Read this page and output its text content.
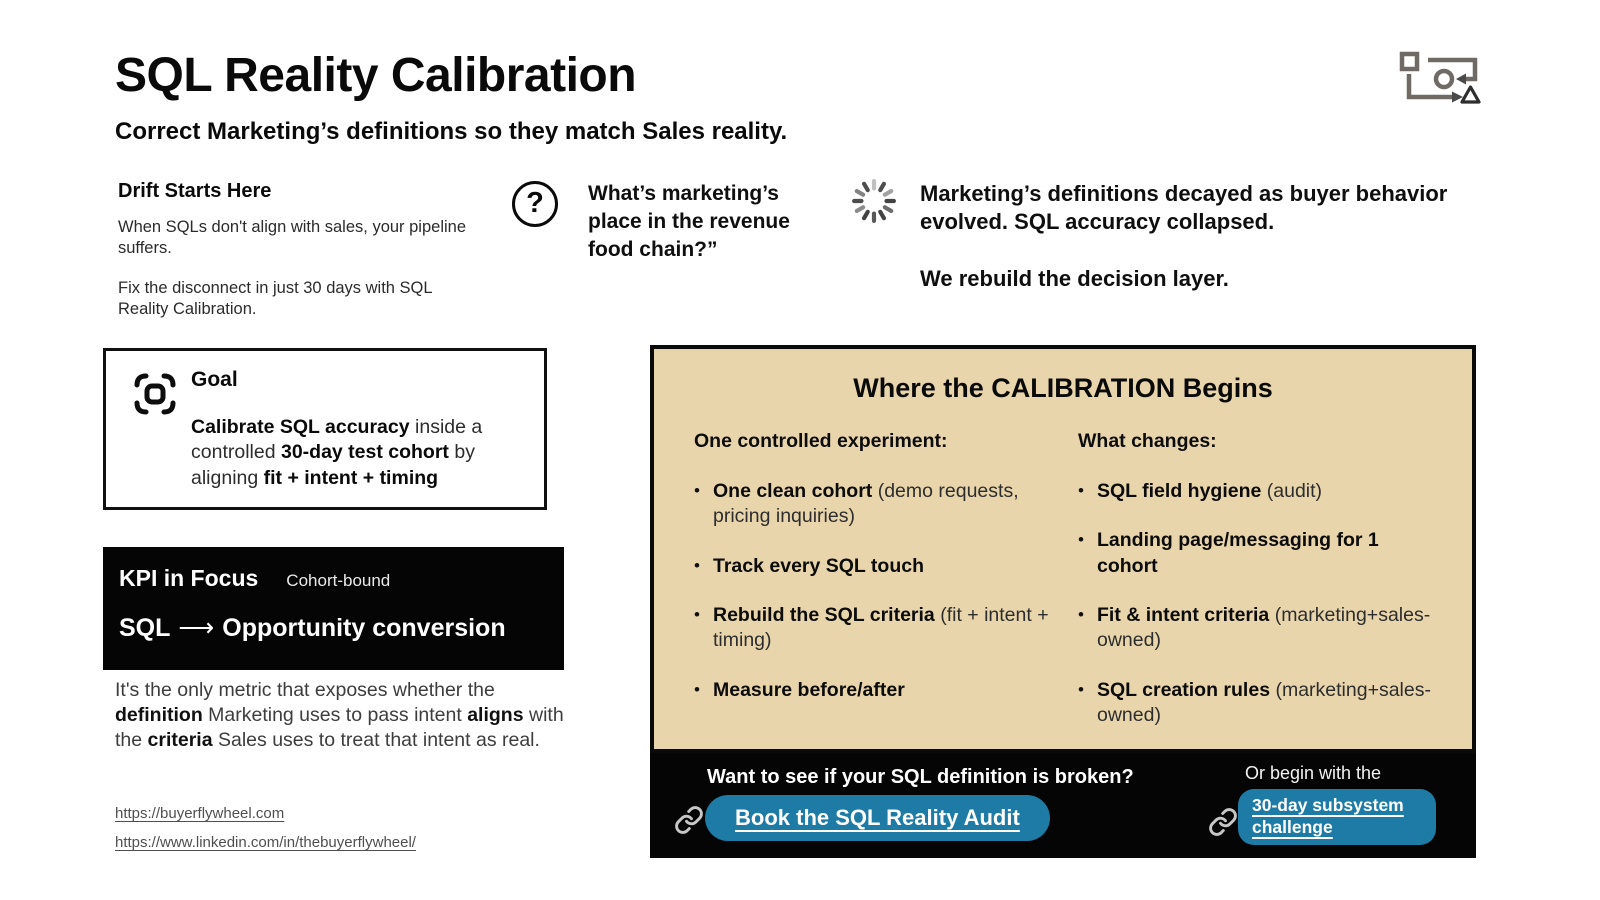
SQL Reality Calibration
Correct Marketing’s definitions so they match Sales reality.
Drift Starts Here

When SQLs don't align with sales, your pipeline suffers.

Fix the disconnect in just 30 days with SQL Reality Calibration.

? What’s marketing’s place in the revenue food chain?”

Marketing’s definitions decayed as buyer behavior evolved. SQL accuracy collapsed.

We rebuild the decision layer.

Goal

Calibrate SQL accuracy inside a controlled 30-day test cohort by aligning fit + intent + timing

KPI in Focus Cohort-bound
SQL ⟶ Opportunity conversion

It's the only metric that exposes whether the definition Marketing uses to pass intent aligns with the criteria Sales uses to treat that intent as real.

https://buyerflywheel.com
https://www.linkedin.com/in/thebuyerflywheel/
Where the CALIBRATION Begins
One controlled experiment:
• One clean cohort (demo requests, pricing inquiries)
• Track every SQL touch
• Rebuild the SQL criteria (fit + intent + timing)
• Measure before/after
What changes:
• SQL field hygiene (audit)
• Landing page/messaging for 1 cohort
• Fit & intent criteria (marketing+sales-owned)
• SQL creation rules (marketing+sales-owned)
Want to see if your SQL definition is broken?	Or begin with the
Book the SQL Reality Audit	30-day subsystem challenge
